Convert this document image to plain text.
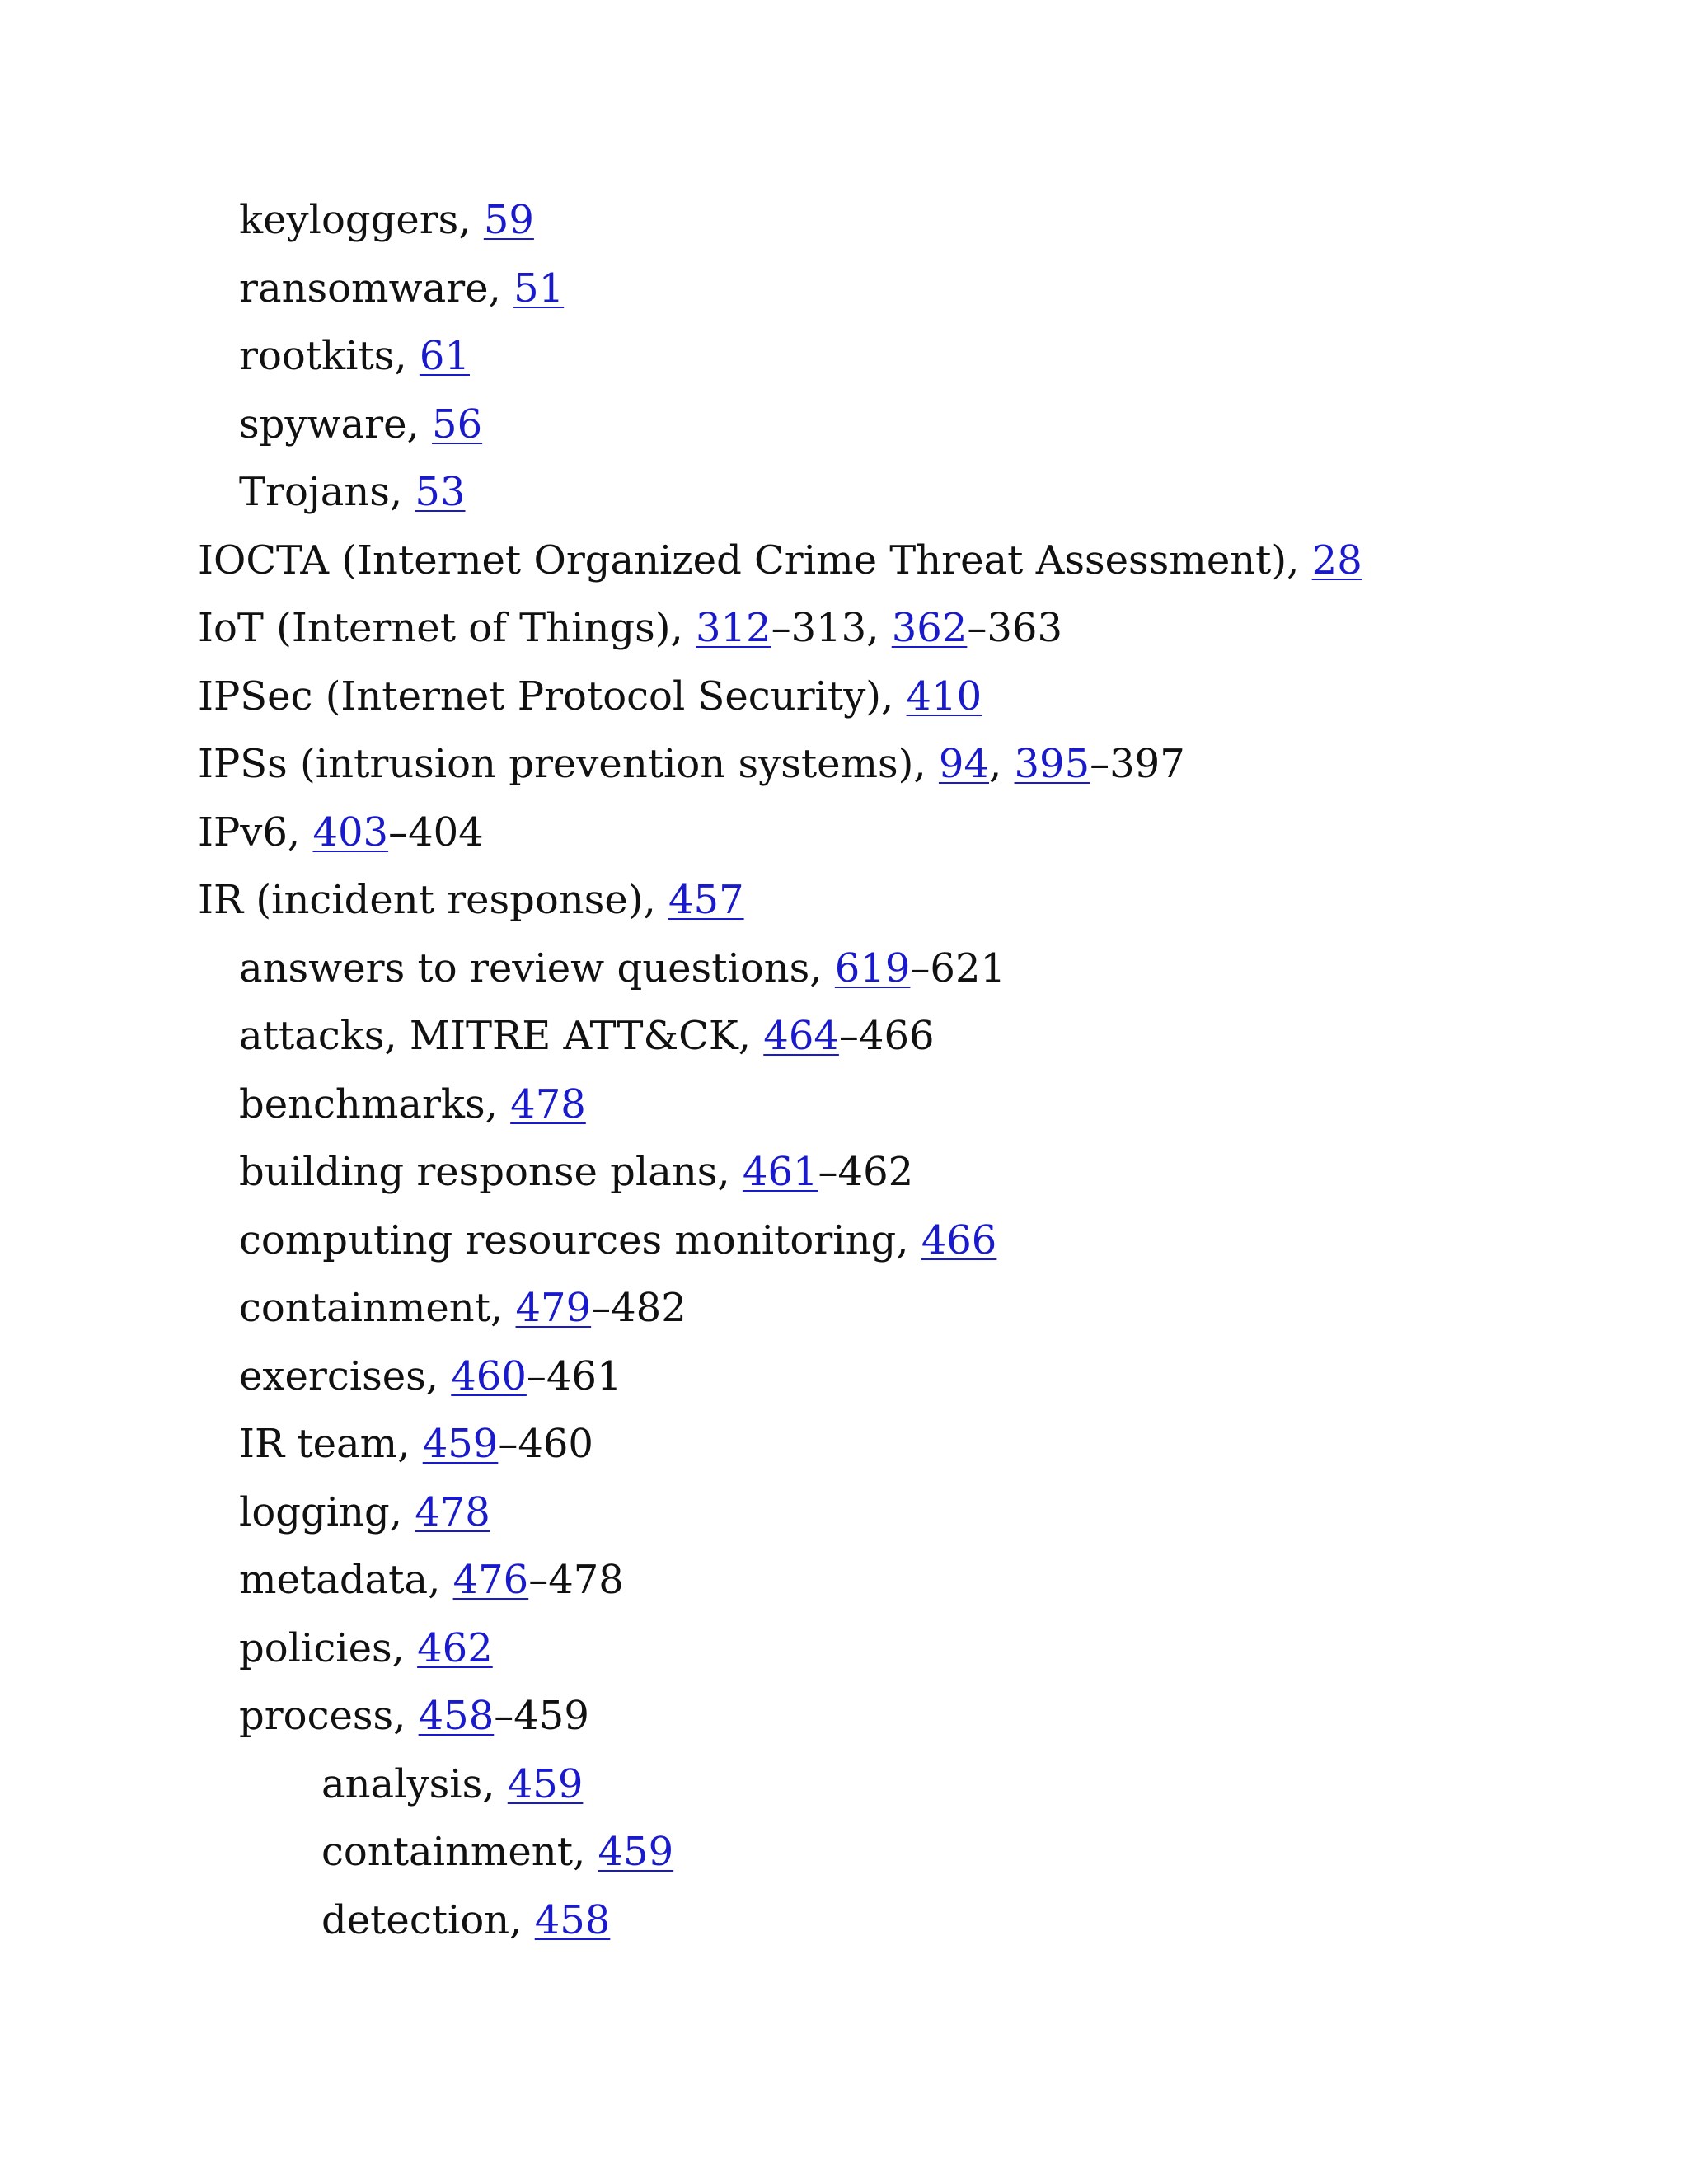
keyloggers, 59
ransomware, 51
rootkits, 61
spyware, 56
Trojans, 53
IOCTA (Internet Organized Crime Threat Assessment), 28
IoT (Internet of Things), 312–313, 362–363
IPSec (Internet Protocol Security), 410
IPSs (intrusion prevention systems), 94, 395–397
IPv6, 403–404
IR (incident response), 457
answers to review questions, 619–621
attacks, MITRE ATT&CK, 464–466
benchmarks, 478
building response plans, 461–462
computing resources monitoring, 466
containment, 479–482
exercises, 460–461
IR team, 459–460
logging, 478
metadata, 476–478
policies, 462
process, 458–459
analysis, 459
containment, 459
detection, 458
